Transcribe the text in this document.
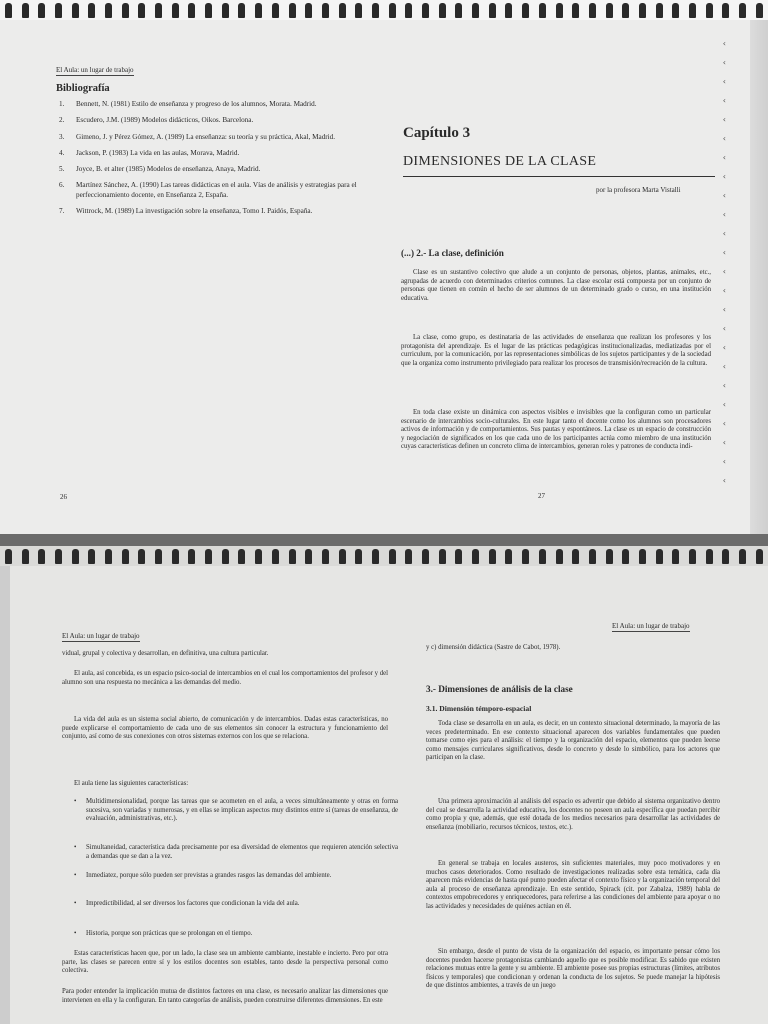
El Aula: un lugar de trabajo
Bibliografía
1. Bennett, N. (1981) Estilo de enseñanza y progreso de los alumnos, Morata. Madrid.
2. Escudero, J.M. (1989) Modelos didácticos, Oikos. Barcelona.
3. Gimeno, J. y Pérez Gómez, A. (1989) La enseñanza: su teoría y su práctica, Akal, Madrid.
4. Jackson, P. (1983) La vida en las aulas, Morava, Madrid.
5. Joyce, B. et alter (1985) Modelos de enseñanza, Anaya, Madrid.
6. Martínez Sánchez, A. (1990) Las tareas didácticas en el aula. Vías de análisis y estrategias para el perfeccionamiento docente, en Enseñanza 2, España.
7. Wittrock, M. (1989) La investigación sobre la enseñanza, Tomo I. Paidós, España.
26
Capítulo 3
DIMENSIONES DE LA CLASE
por la profesora Marta Vistalli
(...) 2.- La clase, definición

Clase es un sustantivo colectivo que alude a un conjunto de personas, objetos, plantas, animales, etc., agrupadas de acuerdo con determinados criterios comunes. La clase escolar está compuesta por un conjunto de personas que tienen en común el hecho de ser alumnos de un determinado grado o curso, en una institución educativa.

La clase, como grupo, es destinataria de las actividades de enseñanza que realizan los profesores y los protagonista del aprendizaje. Es el lugar de las prácticas pedagógicas institucionalizadas, mediatizadas por el curriculum, por la comunicación, por las representaciones simbólicas de los sujetos participantes y de la sociedad que la organiza como instrumento privilegiado para realizar los procesos de transmisión/recreación de la cultura.

En toda clase existe un dinámica con aspectos visibles e invisibles que la configuran como un particular escenario de intercambios socio-culturales. En este lugar tanto el docente como los alumnos son procesadores activos de información y de comportamientos. Sus pautas y espontáneos. La clase es un espacio de construcción y negociación de significados en los que cada uno de los participantes actúa como miembro de una institución cuyas características definen un concreto clima de intercambios, generan roles y patrones de conducta indi-

27
‹
‹
‹
‹
‹
‹
‹
‹
‹
‹
‹
‹
‹
‹
‹
‹
‹
‹
‹
‹
‹
‹
‹
‹
El Aula: un lugar de trabajo

vidual, grupal y colectiva y desarrollan, en definitiva, una cultura particular.

El aula, así concebida, es un espacio psico-social de intercambios en el cual los comportamientos del profesor y del alumno son una respuesta no mecánica a las demandas del medio.

La vida del aula es un sistema social abierto, de comunicación y de intercambios. Dadas estas características, no puede explicarse el comportamiento de cada uno de sus elementos sin conocer la estructura y funcionamiento del conjunto, así como de sus conexiones con otros sistemas externos con los que se relaciona.

El aula tiene las siguientes características:

• Multidimensionalidad, porque las tareas que se acometen en el aula, a veces simultáneamente y otras en forma sucesiva, son variadas y numerosas, y en ellas se implican aspectos muy distintos entre sí (tareas de enseñanza, de evaluación, administrativas, etc.).
• Simultaneidad, característica dada precisamente por esa diversidad de elementos que requieren atención selectiva a demandas que se dan a la vez.
• Inmediatez, porque sólo pueden ser previstas a grandes rasgos las demandas del ambiente.
• Impredictibilidad, al ser diversos los factores que condicionan la vida del aula.
• Historia, porque son prácticas que se prolongan en el tiempo.

Estas características hacen que, por un lado, la clase sea un ambiente cambiante, inestable e incierto. Pero por otra parte, las clases se parecen entre sí y los estilos docentes son estables, tanto desde la perspectiva personal como colectiva.

Para poder entender la implicación mutua de distintos factores en una clase, es necesario analizar las dimensiones que intervienen en ella y la configuran. En tanto categorías de análisis, pueden construirse diferentes dimensiones. En este

El Aula: un lugar de trabajo

y c) dimensión didáctica (Sastre de Cabot, 1978).

3.- Dimensiones de análisis de la clase
3.1. Dimensión témporo-espacial

Toda clase se desarrolla en un aula, es decir, en un contexto situacional determinado, la mayoría de las veces predeterminado. En ese contexto situacional aparecen dos variables fundamentales que pueden tomarse como ejes para el análisis: el tiempo y la organización del espacio, elementos que pueden leerse como mensajes curriculares significativos, desde lo concreto y desde lo simbólico, para los actores que participan en la clase.

Una primera aproximación al análisis del espacio es advertir que debido al sistema organizativo dentro del cual se desarrolla la actividad educativa, los docentes no poseen un aula específica que puedan percibir como propia y que, además, que esté dotada de los medios necesarios para desarrollar las actividades de enseñanza (mobiliario, recursos técnicos, textos, etc.).

En general se trabaja en locales austeros, sin suficientes materiales, muy poco motivadores y en muchos casos deteriorados. Como resultado de investigaciones realizadas sobre esta temática, cada día aparecen más evidencias de hasta qué punto pueden afectar el contexto físico y la organización temporal del aula al proceso de enseñanza aprendizaje. En este sentido, Spirack (cit. por Zabalza, 1989) habla de contextos empobrecedores y enriquecedores, para referirse a las condiciones del ambiente para apoyar o no las actividades y necesidades de quiénes actúan en él.

Sin embargo, desde el punto de vista de la organización del espacio, es importante pensar cómo los docentes pueden hacerse protagonistas cambiando aquello que es posible modificar. Es sabido que existen relaciones mutuas entre la gente y su ambiente. El ambiente posee sus propias estructuras (límites, atributos físicos y temporales) que condicionan y ordenan la conducta de los sujetos. Se puede manejar la hipótesis de que distintos ambientes, a través de un juego
